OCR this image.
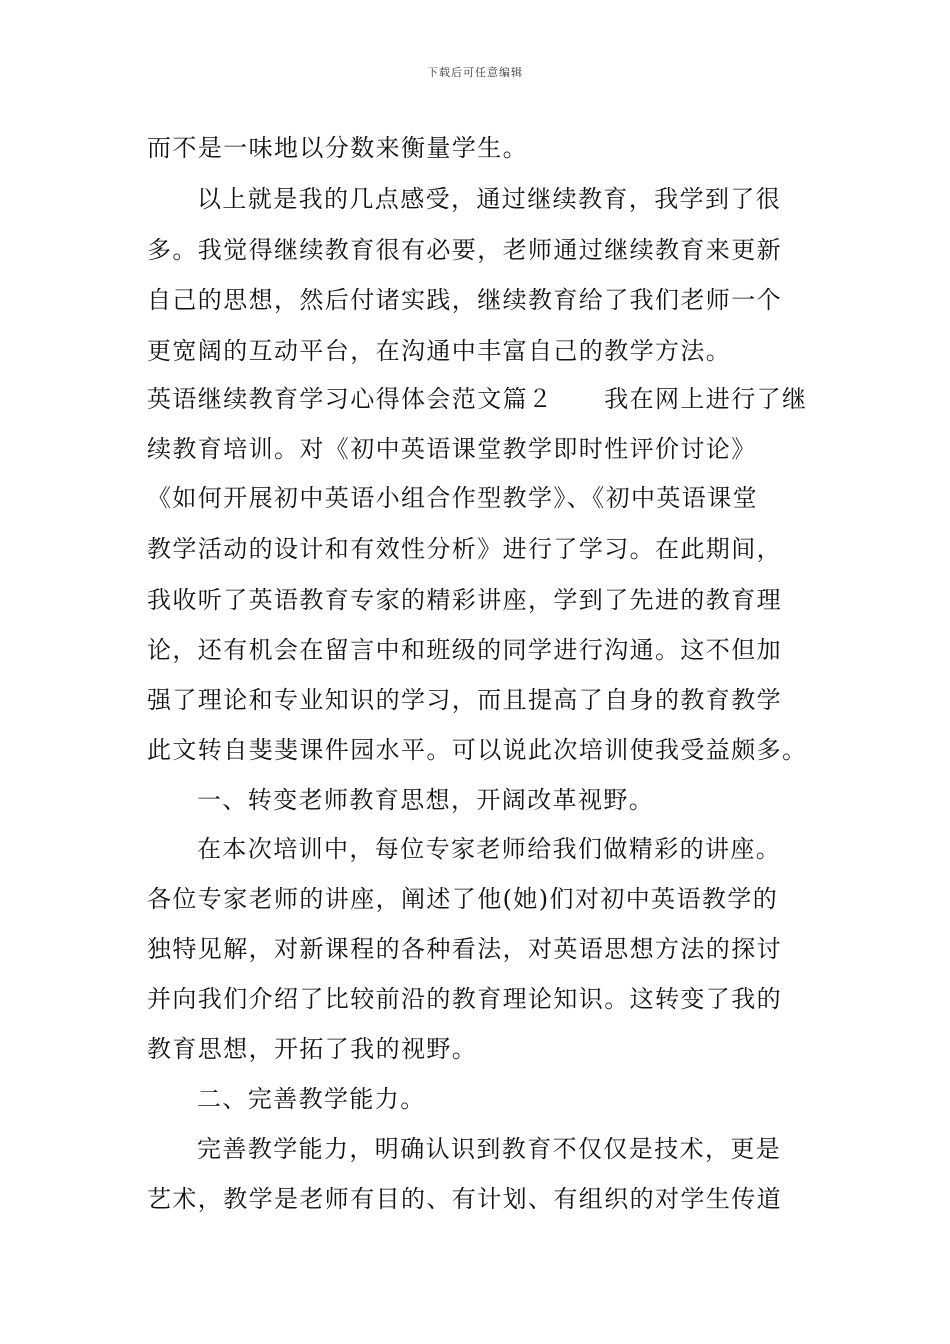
下载后可任意编辑
而不是一味地以分数来衡量学生。
以上就是我的几点感受，通过继续教育，我学到了很
多。我觉得继续教育很有必要，老师通过继续教育来更新
自己的思想，然后付诸实践，继续教育给了我们老师一个
更宽阔的互动平台，在沟通中丰富自己的教学方法。
英语继续教育学习心得体会范文篇２　　我在网上进行了继
续教育培训。对《初中英语课堂教学即时性评价讨论》
《如何开展初中英语小组合作型教学》、《初中英语课堂
教学活动的设计和有效性分析》进行了学习。在此期间，
我收听了英语教育专家的精彩讲座，学到了先进的教育理
论，还有机会在留言中和班级的同学进行沟通。这不但加
强了理论和专业知识的学习，而且提高了自身的教育教学
此文转自斐斐课件园水平。可以说此次培训使我受益颇多。
一、转变老师教育思想，开阔改革视野。
在本次培训中，每位专家老师给我们做精彩的讲座。
各位专家老师的讲座，阐述了他(她)们对初中英语教学的
独特见解，对新课程的各种看法，对英语思想方法的探讨
并向我们介绍了比较前沿的教育理论知识。这转变了我的
教育思想，开拓了我的视野。
二、完善教学能力。
完善教学能力，明确认识到教育不仅仅是技术，更是
艺术，教学是老师有目的、有计划、有组织的对学生传道
